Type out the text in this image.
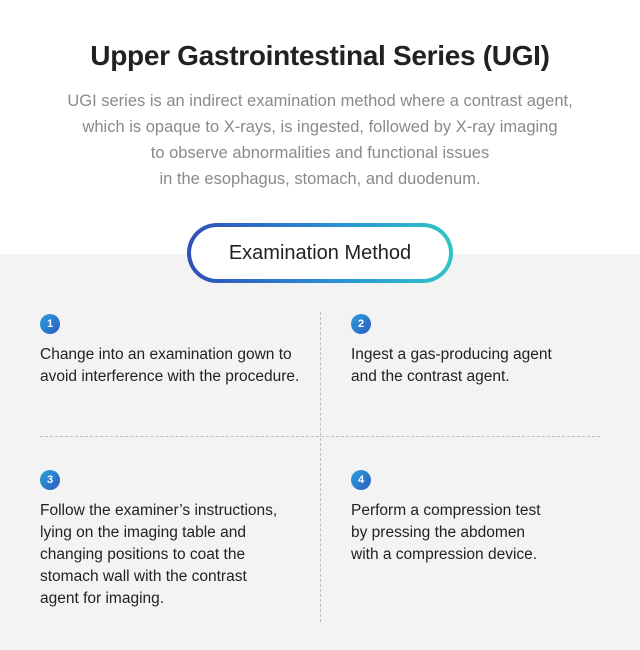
Upper Gastrointestinal Series (UGI)
UGI series is an indirect examination method where a contrast agent,
which is opaque to X-rays, is ingested, followed by X-ray imaging
to observe abnormalities and functional issues
in the esophagus, stomach, and duodenum.
Examination Method
1
Change into an examination gown to
avoid interference with the procedure.
2
Ingest a gas-producing agent
and the contrast agent.
3
Follow the examiner’s instructions,
lying on the imaging table and
changing positions to coat the
stomach wall with the contrast
agent for imaging.
4
Perform a compression test
by pressing the abdomen
with a compression device.
